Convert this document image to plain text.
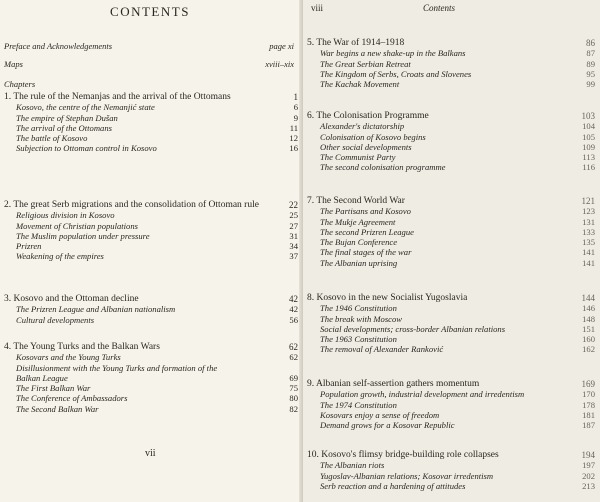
CONTENTS
Preface and Acknowledgements	page xi
Maps	xviii–xix
Chapters
1. The rule of the Nemanjas and the arrival of the Ottomans	1
Kosovo, the centre of the Nemanjić state	6
The empire of Stephan Dušan	9
The arrival of the Ottomans	11
The battle of Kosovo	12
Subjection to Ottoman control in Kosovo	16
2. The great Serb migrations and the consolidation of Ottoman rule	22
Religious division in Kosovo	25
Movement of Christian populations	27
The Muslim population under pressure	31
Prizren	34
Weakening of the empires	37
3. Kosovo and the Ottoman decline	42
The Prizren League and Albanian nationalism	42
Cultural developments	56
4. The Young Turks and the Balkan Wars	62
Kosovars and the Young Turks	62
Disillusionment with the Young Turks and formation of the Balkan League	69
The First Balkan War	75
The Conference of Ambassadors	80
The Second Balkan War	82
vii
viii	Contents
5. The War of 1914–1918	86
War begins a new shake-up in the Balkans	87
The Great Serbian Retreat	89
The Kingdom of Serbs, Croats and Slovenes	95
The Kachak Movement	99
6. The Colonisation Programme	103
Alexander's dictatorship	104
Colonisation of Kosovo begins	105
Other social developments	109
The Communist Party	113
The second colonisation programme	116
7. The Second World War	121
The Partisans and Kosovo	123
The Mukje Agreement	131
The second Prizren League	133
The Bujan Conference	135
The final stages of the war	141
The Albanian uprising	141
8. Kosovo in the new Socialist Yugoslavia	144
The 1946 Constitution	146
The break with Moscow	148
Social developments; cross-border Albanian relations	151
The 1963 Constitution	160
The removal of Alexander Ranković	162
9. Albanian self-assertion gathers momentum	169
Population growth, industrial development and irredentism	170
The 1974 Constitution	178
Kosovars enjoy a sense of freedom	181
Demand grows for a Kosovar Republic	187
10. Kosovo's flimsy bridge-building role collapses	194
The Albanian riots	197
Yugoslav-Albanian relations; Kosovar irredentism	202
Serb reaction and a hardening of attitudes	213
